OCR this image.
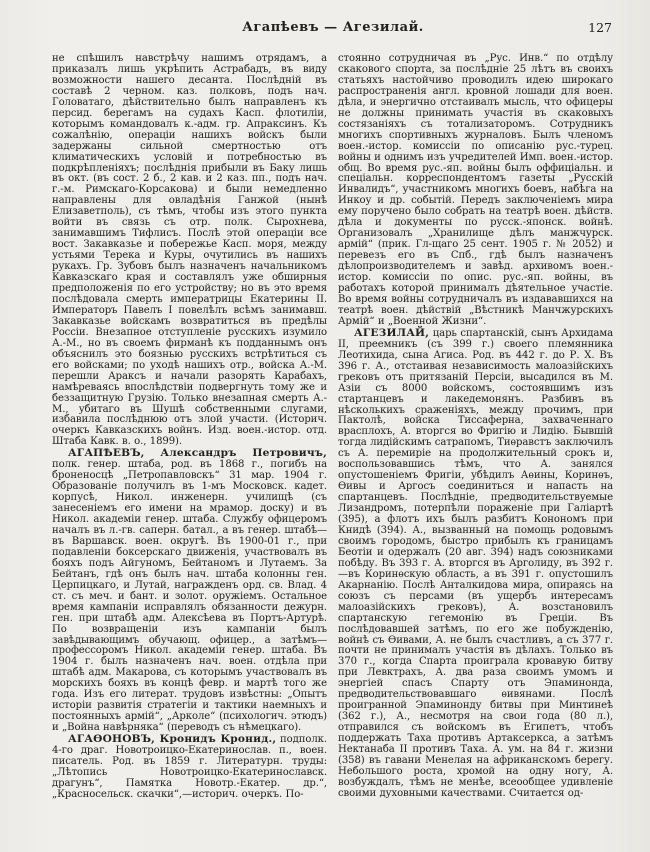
Агапѣевъ — Агезилай.	127

не спѣшилъ навстрѣчу нашимъ отрядамъ, а приказалъ лишь укрѣпить Астрабадъ, въ виду возможности нашего десанта. Послѣдній въ составѣ 2 черном. каз. полковъ, подъ нач. Головатаго, дѣйствительно былъ направленъ къ персид. берегамъ на судахъ Касп. флотиліи, которымъ командовалъ к.-адм. гр. Апраксинъ. Къ сожалѣнію, операціи нашихъ войскъ были задержаны сильной смертностью отъ климатическихъ условій и потребностью въ подкрѣпленіяхъ; послѣднія прибыли въ Баку лишь въ окт. (въ сост. 2 б., 2 кав. и 2 каз. пп., подъ нач. г.-м. Римскаго-Корсакова) и были немедленно направлены для овладѣнія Ганжой (нынѣ Елизаветполь), съ тѣмъ, чтобы изъ этого пункта войти въ связь съ отр. полк. Сырохнева, занимавшимъ Тифлисъ. Послѣ этой операціи все вост. Закавказье и побережье Касп. моря, между устьями Терека и Куры, очутились въ нашихъ рукахъ. Гр. Зубовъ былъ назначенъ начальникомъ Кавказскаго края и составлялъ уже обширныя предположенія по его устройству; но въ это время послѣдовала смерть императрицы Екатерины II. Императоръ Павелъ I повелѣлъ всѣмъ занимавш. Закавказье войскамъ возвратиться въ предѣлы Россіи. Внезапное отступленіе русскихъ изумило А.-М., но въ своемъ фирманѣ къ подданнымъ онъ объяснилъ это боязнью русскихъ встрѣтиться съ его войсками; по уходѣ нашихъ отр., войска А.-М. перешли Араксъ и начали разорять Карабахъ, намѣреваясь впослѣдствіи подвергнуть тому же и беззащитную Грузію. Только внезапная смерть А.-М., убитаго въ Шушѣ собственными слугами, избавила послѣднюю отъ злой участи. (Историч. очеркъ Кавказскихъ войнъ. Изд. воен.-истор. отд. Штаба Кавк. в. о., 1899).

АГАПѢЕВЪ, Александръ Петровичъ, полк. генер. штаба, род. въ 1868 г., погибъ на броненосцѣ „Петропавловскъ“ 31 мар. 1904 г. Образованіе получилъ въ 1-мъ Московск. кадет. корпусѣ, Никол. инженерн. училищѣ (съ занесеніемъ его имени на мрамор. доску) и въ Никол. академіи генер. штаба. Службу офицеромъ началъ въ л.-гв. саперн. батал., а въ генер. штабѣ—въ Варшавск. воен. округѣ. Въ 1900-01 г., при подавленіи боксерскаго движенія, участвовалъ въ бояхъ подъ Айгуномъ, Бейтаномъ и Лутаемъ. За Бейтанъ, гдѣ онъ былъ нач. штаба колонны ген. Церпицкаго, и Лутай, награжденъ орд. св. Влад. 4 ст. съ меч. и бант. и золот. оружіемъ. Остальное время кампаніи исправлялъ обязанности дежурн. ген. при штабѣ адм. Алексѣева въ Портъ-Артурѣ. По возвращеніи изъ кампаніи былъ завѣдывающимъ обучающ. офицер., а затѣмъ—профессоромъ Никол. академіи генер. штаба. Въ 1904 г. былъ назначенъ нач. воен. отдѣла при штабѣ адм. Макарова, съ которымъ участвовалъ въ морскихъ бояхъ въ концѣ февр. и мартѣ того же года. Изъ его литерат. трудовъ извѣстны: „Опытъ исторіи развитія стратегіи и тактики наемныхъ и постоянныхъ армій“, „Арколе“ (психологич. этюдъ) и „Война навѣрняка“ (переводъ съ нѣмецкаго).

АГАѲОНОВЪ, Кронидъ Кронид., подполк. 4-го драг. Новотроицко-Екатеринослав. п., воен. писатель. Род. въ 1859 г. Литературн. труды: „Лѣтопись Новотроицко-Екатеринославск. драгунъ“, Памятка Новотр.-Екатер. др.“, „Красносельск. скачки“,—историч. очеркъ. По-

стоянно сотрудничая въ „Рус. Инв.“ по отдѣлу скакового спорта, за послѣдніе 25 лѣтъ въ своихъ статьяхъ настойчиво проводилъ идею широкаго распространенія англ. кровной лошади для воен. дѣла, и энергично отстаивалъ мысль, что офицеры не должны принимать участія въ скаковыхъ состязаніяхъ съ тотализаторомъ. Сотрудникъ многихъ спортивныхъ журналовъ. Былъ членомъ воен.-истор. комиссіи по описанію рус.-турец. войны и однимъ изъ учредителей Имп. воен.-истор. общ. Во время рус.-яп. войны былъ оффиціальн. и спеціальн. корреспондентомъ газеты „Русскій Инвалидъ“, участникомъ многихъ боевъ, набѣга на Инкоу и др. событій. Передъ заключеніемъ мира ему поручено было собрать на театрѣ воен. дѣйств. дѣла и документы по русск.-японск. войнѣ. Организовалъ „Хранилище дѣлъ манжчурск. армій“ (прик. Гл-щаго 25 сент. 1905 г. № 2052) и перевезъ его въ Спб., гдѣ былъ назначенъ дѣлопроизводителемъ и завѣд. архивомъ воен.-истор. комиссіи по опис. рус.-яп. войны, въ работахъ которой принималъ дѣятельное участіе. Во время войны сотрудничалъ въ издававшихся на театрѣ воен. дѣйствій „Вѣстникѣ Манчжурскихъ Армій“ и „Военной Жизни“.

АГЕЗИЛАЙ, царь спартанскій, сынъ Архидама II, преемникъ (съ 399 г.) своего племянника Леотихида, сына Агиса. Род. въ 442 г. до Р. Х. Въ 396 г. А., отстаивая независимость малоазійскихъ грековъ отъ притязаній Персіи, высадился въ М. Азіи съ 8000 войскомъ, состоявшимъ изъ стартанцевъ и лакедемонянъ. Разбивъ въ нѣсколькихъ сраженіяхъ, между прочимъ, при Пактолѣ, войска Тиссаферна, захваченнаго врасплохъ, А. вторгся во Фригію и Лидію. Бывшій тогда лидійскимъ сатрапомъ, Тиѳравстъ заключилъ съ А. перемиріе на продолжительный срокъ и, воспользовавшись тѣмъ, что А. занялся опустошеніемъ Фригіи, убѣдилъ Аѳины, Коринѳъ, Ѳивы и Аргосъ соединиться и напасть на спартанцевъ. Послѣдніе, предводительствуемые Лизандромъ, потерпѣли пораженіе при Галіартѣ (395), а флотъ ихъ былъ разбитъ Конономъ при Книдѣ (394). А., вызванный на помощь родовымъ своимъ городомъ, быстро прибылъ къ границамъ Беотіи и одержалъ (20 авг. 394) надъ союзниками побѣду. Въ 393 г. А. вторгся въ Арголиду, въ 392 г.—въ Коринѳскую область, а въ 391 г. опустошилъ Акарнанію. Послѣ Анталкидова мира, опираясь на союзъ съ персами (въ ущербъ интересамъ малоазійскихъ грековъ), А. возстановилъ спартанскую гегемонію въ Греціи. Въ послѣдовавшей затѣмъ, по его же побужденію, войнѣ съ Ѳивами, А. не былъ счастливъ, а съ 377 г. почти не принималъ участія въ дѣлахъ. Только въ 370 г., когда Спарта проиграла кровавую битву при Левктрахъ, А. два раза своимъ умомъ и энергіей спасъ Спарту отъ Эпаминонда, предводительствовавшаго ѳивянами. Послѣ проигранной Эпаминонду битвы при Минтинеѣ (362 г.), А., несмотря на свои года (80 л.), отправился съ войскомъ въ Египетъ, чтобъ поддержать Таха противъ Артаксеркса, а затѣмъ Нектанаба II противъ Таха. А. ум. на 84 г. жизни (358) въ гавани Менелая на африканскомъ берегу. Небольшого роста, хромой на одну ногу, А. возбуждалъ, тѣмъ не менѣе, всеообщее удивленіе своими духовными качествами. Считается од-
